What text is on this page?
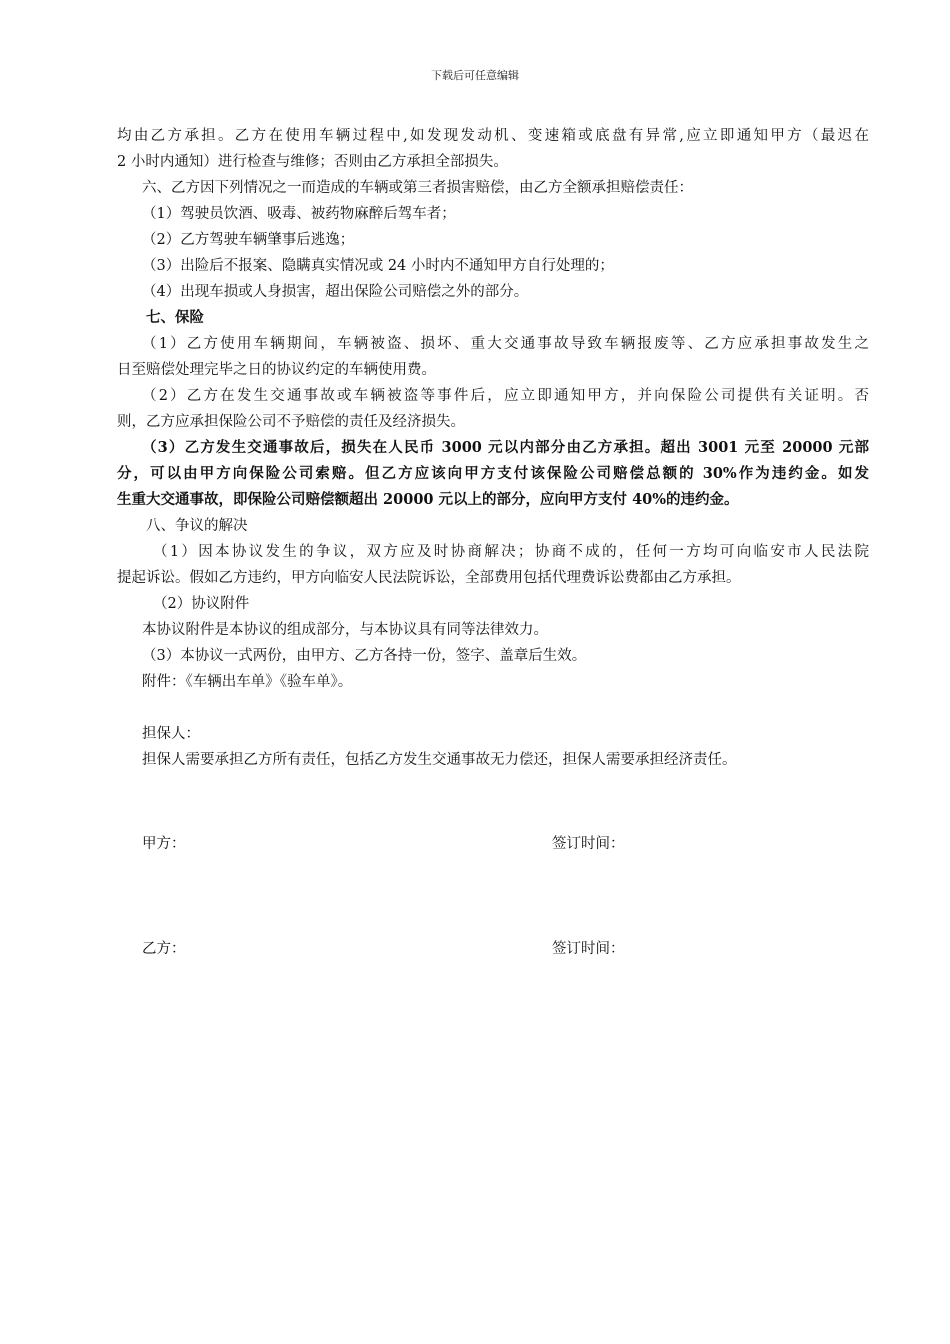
下载后可任意编辑
均由乙方承担。乙方在使用车辆过程中,如发现发动机、变速箱或底盘有异常,应立即通知甲方（最迟在
2 小时内通知）进行检查与维修；否则由乙方承担全部损失。
六、乙方因下列情况之一而造成的车辆或第三者损害赔偿，由乙方全额承担赔偿责任：
（1）驾驶员饮酒、吸毒、被药物麻醉后驾车者；
（2）乙方驾驶车辆肇事后逃逸；
（3）出险后不报案、隐瞒真实情况或 24 小时内不通知甲方自行处理的；
（4）出现车损或人身损害，超出保险公司赔偿之外的部分。
七、保险
（1）乙方使用车辆期间，车辆被盗、损坏、重大交通事故导致车辆报废等、乙方应承担事故发生之
日至赔偿处理完毕之日的协议约定的车辆使用费。
（2）乙方在发生交通事故或车辆被盗等事件后，应立即通知甲方，并向保险公司提供有关证明。否
则，乙方应承担保险公司不予赔偿的责任及经济损失。
（3）乙方发生交通事故后，损失在人民币 3000 元以内部分由乙方承担。超出 3001 元至 20000 元部
分，可以由甲方向保险公司索赔。但乙方应该向甲方支付该保险公司赔偿总额的 30%作为违约金。如发
生重大交通事故，即保险公司赔偿额超出 20000 元以上的部分，应向甲方支付 40%的违约金。
八、争议的解决
（1）因本协议发生的争议，双方应及时协商解决；协商不成的，任何一方均可向临安市人民法院
提起诉讼。假如乙方违约，甲方向临安人民法院诉讼，全部费用包括代理费诉讼费都由乙方承担。
（2）协议附件
本协议附件是本协议的组成部分，与本协议具有同等法律效力。
（3）本协议一式两份，由甲方、乙方各持一份，签字、盖章后生效。
附件：《车辆出车单》《验车单》。
担保人：
担保人需要承担乙方所有责任，包括乙方发生交通事故无力偿还，担保人需要承担经济责任。
甲方：	签订时间：
乙方：	签订时间：
